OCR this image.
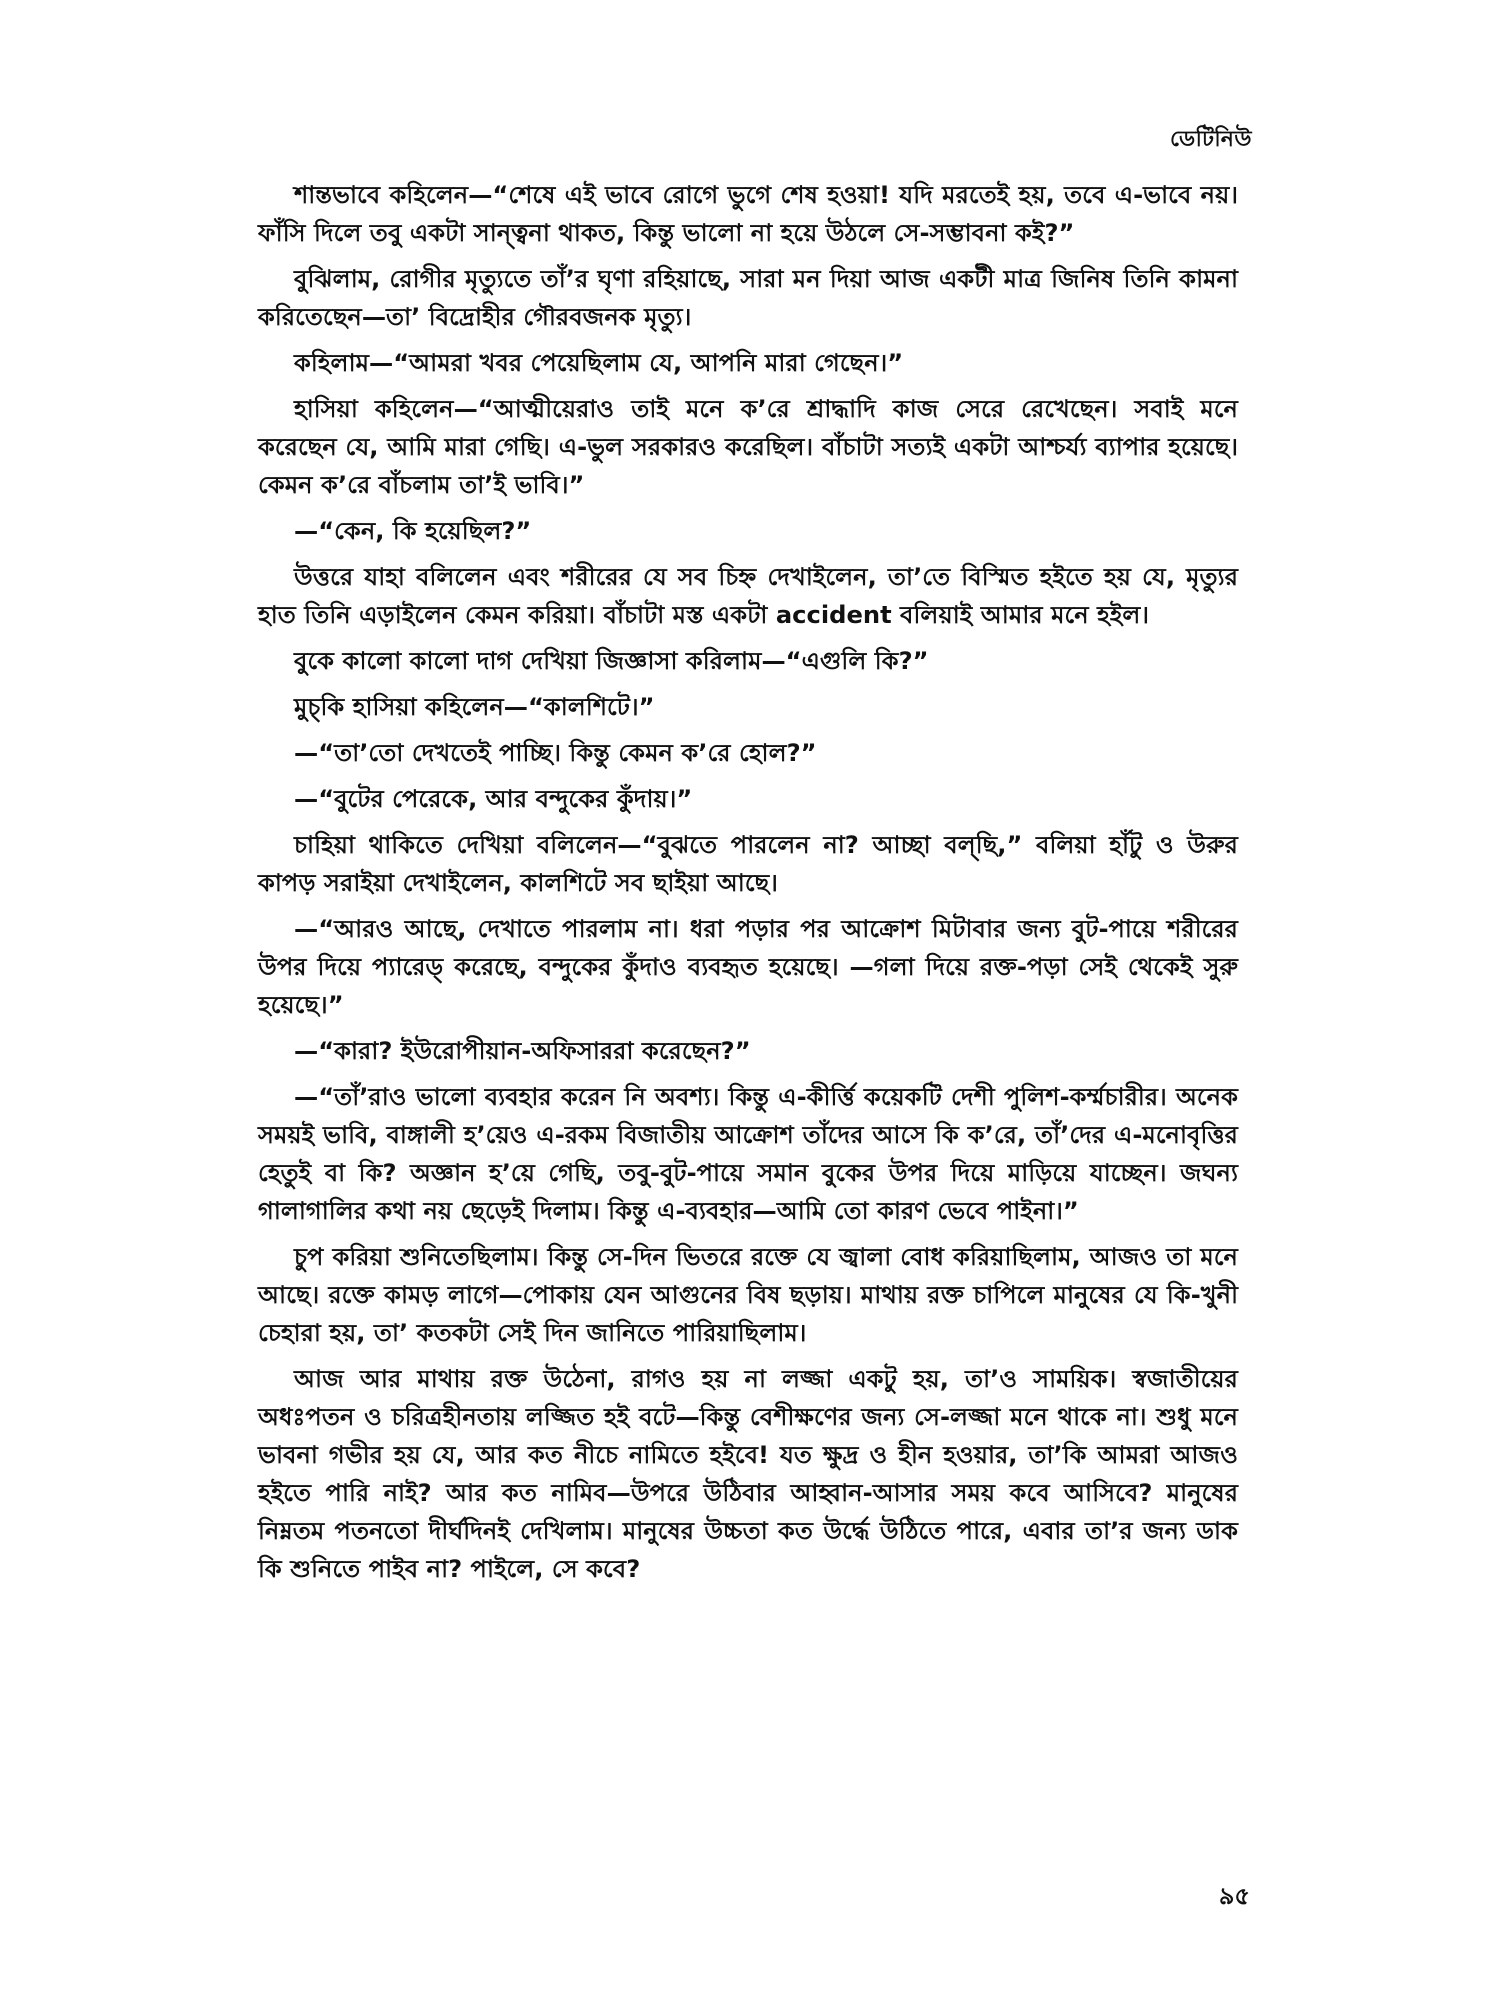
ডেটিনিউ

শান্তভাবে কহিলেন—“শেষে এই ভাবে রোগে ভুগে শেষ হওয়া! যদি মরতেই হয়, তবে এ-ভাবে নয়। ফাঁসি দিলে তবু একটা সান্ত্বনা থাকত, কিন্তু ভালো না হয়ে উঠলে সে-সম্ভাবনা কই?”

বুঝিলাম, রোগীর মৃত্যুতে তাঁ’র ঘৃণা রহিয়াছে, সারা মন দিয়া আজ একটী মাত্র জিনিষ তিনি কামনা করিতেছেন—তা’ বিদ্রোহীর গৌরবজনক মৃত্যু।

কহিলাম—“আমরা খবর পেয়েছিলাম যে, আপনি মারা গেছেন।”

হাসিয়া কহিলেন—“আত্মীয়েরাও তাই মনে ক’রে শ্রাদ্ধাদি কাজ সেরে রেখেছেন। সবাই মনে করেছেন যে, আমি মারা গেছি। এ-ভুল সরকারও করেছিল। বাঁচাটা সত্যই একটা আশ্চর্য্য ব্যাপার হয়েছে। কেমন ক’রে বাঁচলাম তা’ই ভাবি।”

—“কেন, কি হয়েছিল?”

উত্তরে যাহা বলিলেন এবং শরীরের যে সব চিহ্ন দেখাইলেন, তা’তে বিস্মিত হইতে হয় যে, মৃত্যুর হাত তিনি এড়াইলেন কেমন করিয়া। বাঁচাটা মস্ত একটা accident বলিয়াই আমার মনে হইল।

বুকে কালো কালো দাগ দেখিয়া জিজ্ঞাসা করিলাম—“এগুলি কি?”

মুচ্‌কি হাসিয়া কহিলেন—“কালশিটে।”

—“তা’তো দেখতেই পাচ্ছি। কিন্তু কেমন ক’রে হোল?”

—“বুটের পেরেকে, আর বন্দুকের কুঁদায়।”

চাহিয়া থাকিতে দেখিয়া বলিলেন—“বুঝতে পারলেন না? আচ্ছা বল্‌ছি,” বলিয়া হাঁটু ও উরুর কাপড় সরাইয়া দেখাইলেন, কালশিটে সব ছাইয়া আছে।

—“আরও আছে, দেখাতে পারলাম না। ধরা পড়ার পর আক্রোশ মিটাবার জন্য বুট-পায়ে শরীরের উপর দিয়ে প্যারেড্‌ করেছে, বন্দুকের কুঁদাও ব্যবহৃত হয়েছে। —গলা দিয়ে রক্ত-পড়া সেই থেকেই সুরু হয়েছে।”

—“কারা? ইউরোপীয়ান-অফিসাররা করেছেন?”

—“তাঁ’রাও ভালো ব্যবহার করেন নি অবশ্য। কিন্তু এ-কীর্ত্তি কয়েকটি দেশী পুলিশ-কর্ম্মচারীর। অনেক সময়ই ভাবি, বাঙ্গালী হ’য়েও এ-রকম বিজাতীয় আক্রোশ তাঁদের আসে কি ক’রে, তাঁ’দের এ-মনোবৃত্তির হেতুই বা কি? অজ্ঞান হ’য়ে গেছি, তবু-বুট-পায়ে সমান বুকের উপর দিয়ে মাড়িয়ে যাচ্ছেন। জঘন্য গালাগালির কথা নয় ছেড়েই দিলাম। কিন্তু এ-ব্যবহার—আমি তো কারণ ভেবে পাইনা।”

চুপ করিয়া শুনিতেছিলাম। কিন্তু সে-দিন ভিতরে রক্তে যে জ্বালা বোধ করিয়াছিলাম, আজও তা মনে আছে। রক্তে কামড় লাগে—পোকায় যেন আগুনের বিষ ছড়ায়। মাথায় রক্ত চাপিলে মানুষের যে কি-খুনী চেহারা হয়, তা’ কতকটা সেই দিন জানিতে পারিয়াছিলাম।

আজ আর মাথায় রক্ত উঠেনা, রাগও হয় না লজ্জা একটু হয়, তা’ও সাময়িক। স্বজাতীয়ের অধঃপতন ও চরিত্রহীনতায় লজ্জিত হই বটে—কিন্তু বেশীক্ষণের জন্য সে-লজ্জা মনে থাকে না। শুধু মনে ভাবনা গভীর হয় যে, আর কত নীচে নামিতে হইবে! যত ক্ষুদ্র ও হীন হওয়ার, তা’কি আমরা আজও হইতে পারি নাই? আর কত নামিব—উপরে উঠিবার আহ্বান-আসার সময় কবে আসিবে? মানুষের নিম্নতম পতনতো দীর্ঘদিনই দেখিলাম। মানুষের উচ্চতা কত উর্দ্ধে উঠিতে পারে, এবার তা’র জন্য ডাক কি শুনিতে পাইব না? পাইলে, সে কবে?

৯৫
